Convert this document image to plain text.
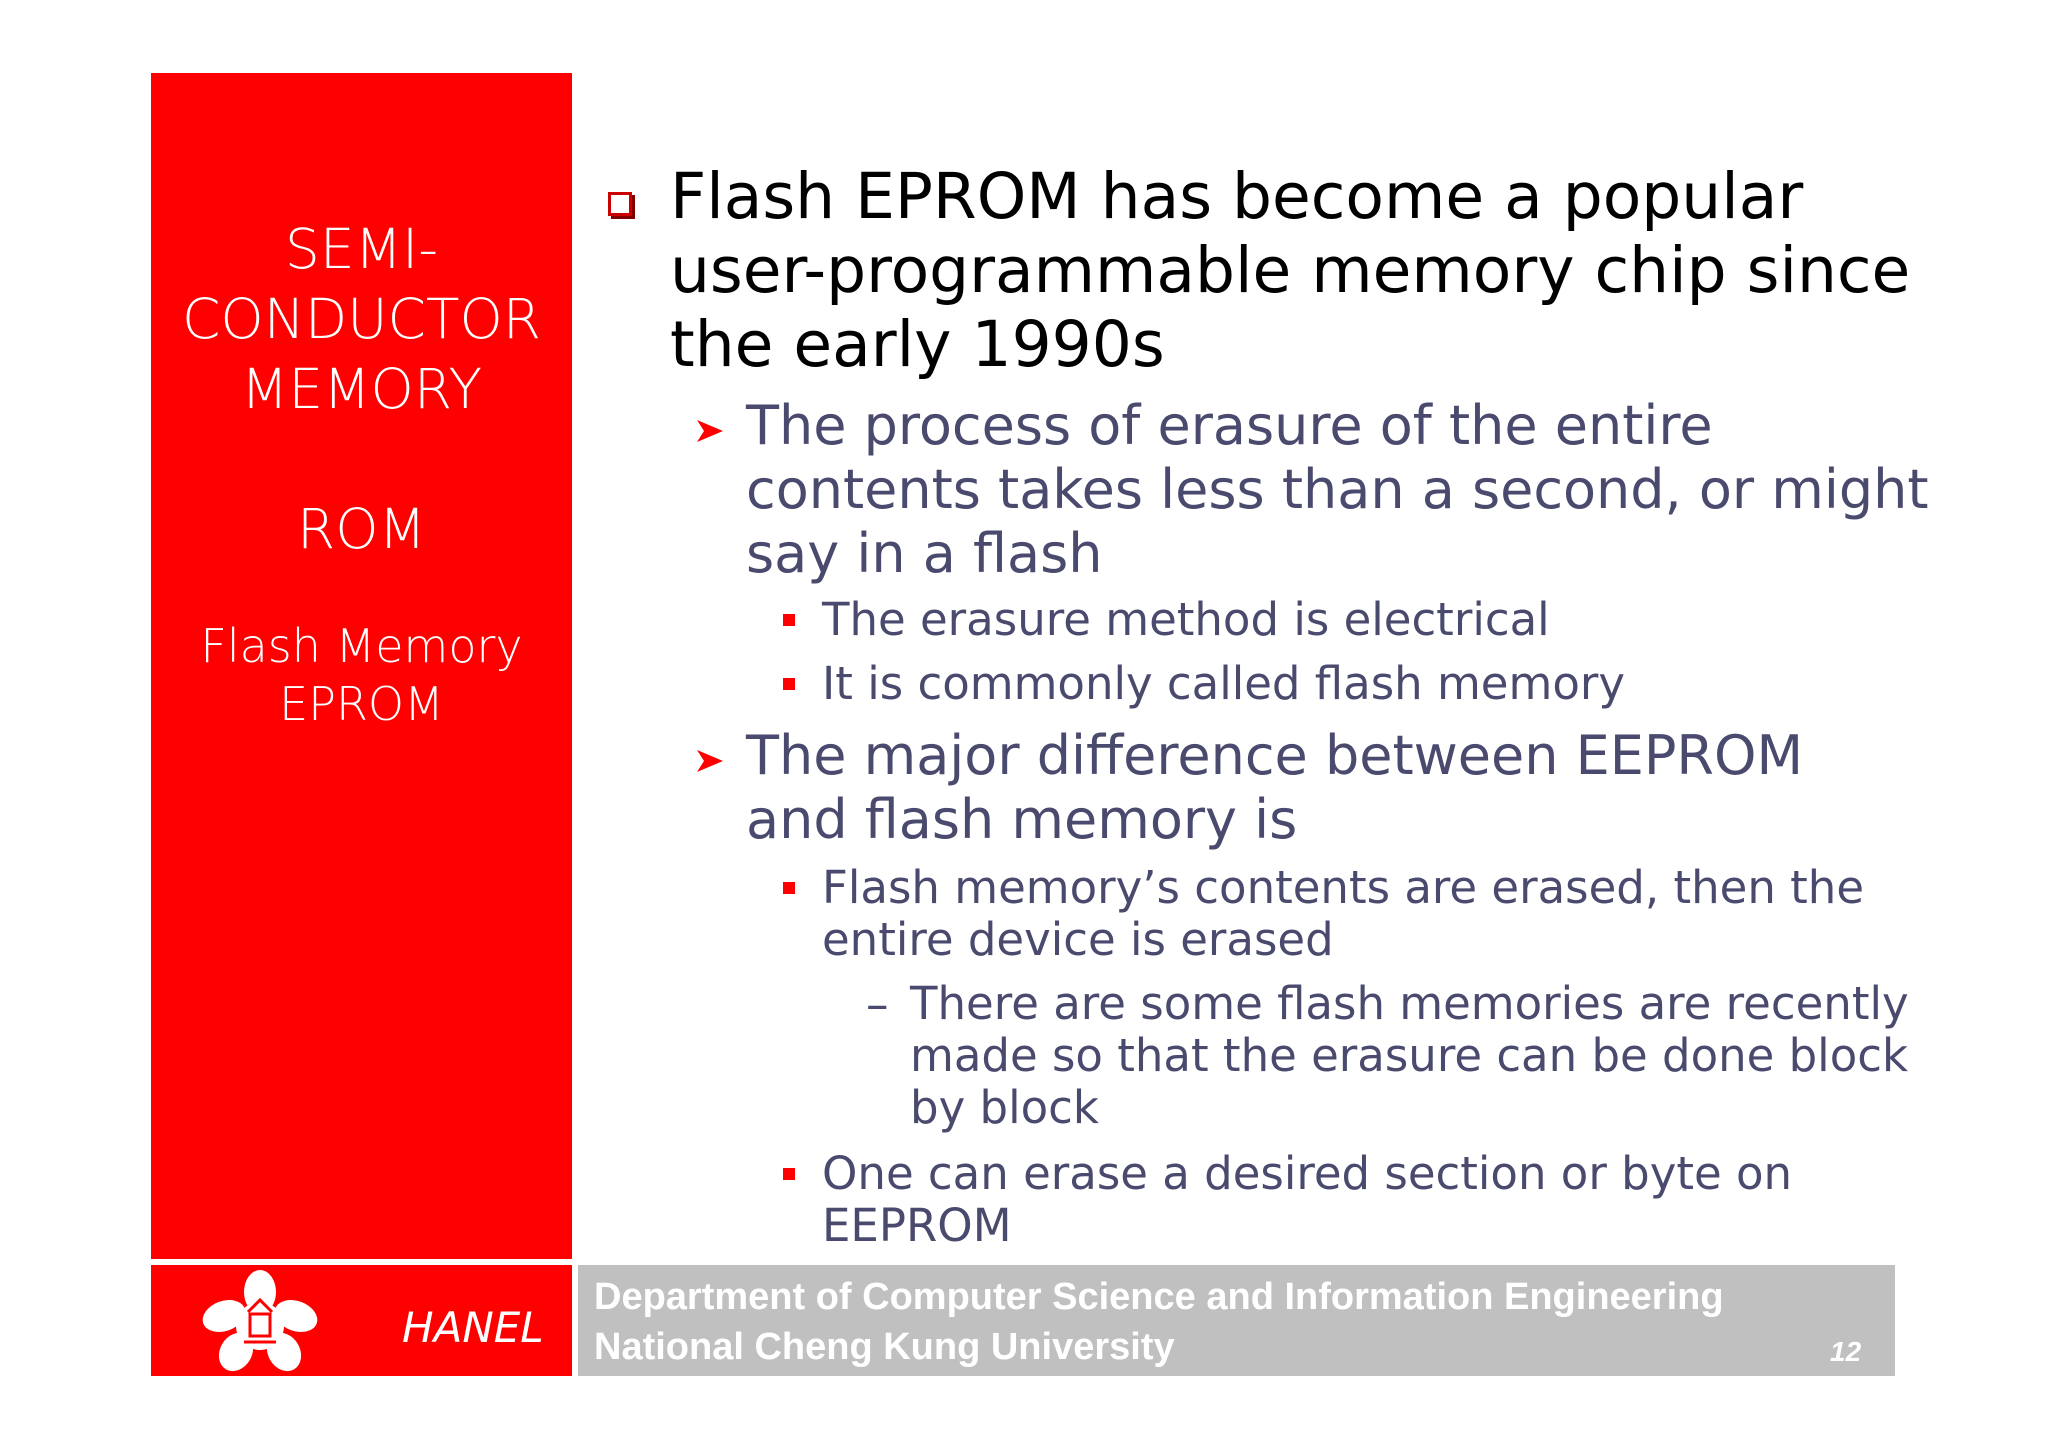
SEMI-
CONDUCTOR
MEMORY
ROM
Flash Memory
EPROM
Flash EPROM has become a popular
user-programmable memory chip since
the early 1990s
The process of erasure of the entire
contents takes less than a second, or might
say in a flash
The erasure method is electrical
It is commonly called flash memory
The major difference between EEPROM
and flash memory is
Flash memory’s contents are erased, then the
entire device is erased
– There are some flash memories are recently
made so that the erasure can be done block
by block
One can erase a desired section or byte on
EEPROM
HANEL
Department of Computer Science and Information Engineering
National Cheng Kung University	12
